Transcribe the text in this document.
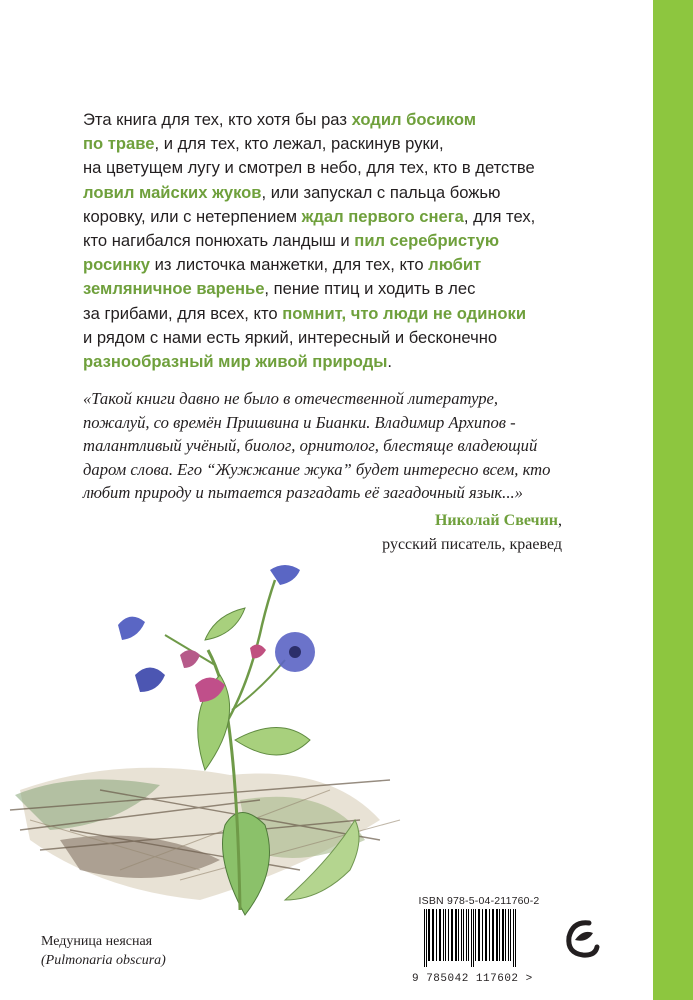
Эта книга для тех, кто хотя бы раз ходил босиком
по траве, и для тех, кто лежал, раскинув руки,
на цветущем лугу и смотрел в небо, для тех, кто в детстве
ловил майских жуков, или запускал с пальца божью
коровку, или с нетерпением ждал первого снега, для тех,
кто нагибался понюхать ландыш и пил серебристую
росинку из листочка манжетки, для тех, кто любит
земляничное варенье, пение птиц и ходить в лес
за грибами, для всех, кто помнит, что люди не одиноки
и рядом с нами есть яркий, интересный и бесконечно
разнообразный мир живой природы.

«Такой книги давно не было в отечественной литературе,
пожалуй, со времён Пришвина и Бианки. Владимир Архипов -
талантливый учёный, биолог, орнитолог, блестяще владеющий
даром слова. Его “Жужжание жука” будет интересно всем, кто
любит природу и пытается разгадать её загадочный язык...»

Николай Свечин,
русский писатель, краевед
Медуница неясная
(Pulmonaria obscura)
ISBN 978-5-04-211760-2
9 785042 117602 >
